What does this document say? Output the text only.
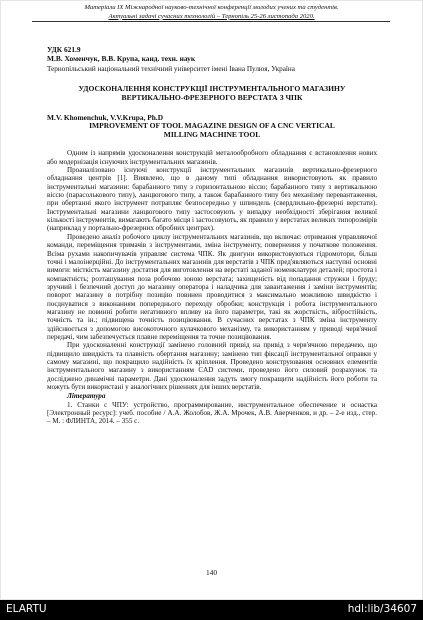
Матеріали IX Міжнародної науково-технічної конференції молодих учених та студентів.
Актуальні задачі сучасних технологій – Тернопіль 25-26 листопада 2020.
УДК 621.9
М.В. Хоменчук, В.В. Крупа, канд. техн. наук
Тернопільський національний технічний університет імені Івана Пулюя, Україна
УДОСКОНАЛЕННЯ КОНСТРУКЦІЇ ІНСТРУМЕНТАЛЬНОГО МАГАЗИНУ ВЕРТИКАЛЬНО-ФРЕЗЕРНОГО ВЕРСТАТА З ЧПК
M.V. Khomenchuk, V.V.Krupa, Ph.D
IMPROVEMENT OF TOOL MAGAZINE DESIGN OF A CNC VERTICAL MILLING MACHINE TOOL

Одним із напрямів удосконалення конструкцій металообробного обладнання є встановлення нових або модернізація існуючих інструментальних магазинів.

Проаналізовано існуючі конструкції інструментальних магазинів вертикально-фрезерного обладнання центрів [1]. Виявлено, що в даному типі обладнання використовують як правило інструментальні магазини: барабанного типу з горизонтальною віссю; барабанного типу з вертикальною віссю (парасолькового типу), ланцюгового типу, а також барабанного типу без механізму перевантаження, при обертанні якого інструмент потрапляє безпосередньо у шпиндель (свердлильно-фрезерні верстати). Інструментальні магазини ланцюгового типу застосовують у випадку необхідності зберігання великої кількості інструментів, вимагають багато місця і застосовують, як правило у верстатах великих типорозмірів (наприклад у портально-фрезерних обробних центрах).

Проведено аналіз робочого циклу інструментальних магазинів, що включає: отримання управляючої команди, переміщення тримачів з інструментами, зміна інструменту, повернення у початкове положення. Всіма рухами накопичувачів управляє система ЧПК. Як двигуни використовуються гідромотори, більш точні і малоінерційні. До інструментальних магазинів для верстатів з ЧПК пред'являються наступні основні вимоги: місткість магазину достатня для виготовлення на верстаті заданої номенклатури деталей; простота і компактність; розташування поза робочою зоною верстата; захищеність від попадання стружки і бруду; зручний і безпечний доступ до магазину оператора і наладчика для завантаження і заміни інструментів; поворот магазину в потрібну позицію повинен проводитися з максимально можливою швидкістю і поєднуватися з виконанням попереднього переходу обробки; конструкція і робота інструментального магазину не повинні робити негативного впливу на його параметри, такі як жорсткість, вібростійкість, точність та ін.; підвищена точність позиціювання. В сучасних верстатах з ЧПК зміна інструменту здійснюється з допомогою високоточного кулачкового механізму, та використанням у приводі черв'ячної передачі, чим забезпечується плавне переміщення та точне позиціювання.

При удосконаленні конструкції замінено головний привід на привід з черв'ячною передачею, що підвищило швидкість та плавність обертання магазину; замінено тип фіксації інструментальної оправки у самому магазині, що покращило надійність їх кріплення. Проведено конструювання основних елементів інструментального магазину з використанням CAD системи, проведено його силовий розрахунок та досліджено динамічні параметри. Дані удосконалення задуть змогу покращити надійність його роботи та можуть бути використані у аналогічних рішеннях для інших верстатів.

Література
1. Станки с ЧПУ: устройство, программирование, инструментальное обеспечение и оснастка [Электронный ресурс]: учеб. пособие / А.А. Жолобов, Ж.А. Мрочек, А.В. Аверченков, и др. – 2-е изд., стер. – М. : ФЛИНТА, 2014. – 355 с.
140
ELARTU	hdl:lib/34607
